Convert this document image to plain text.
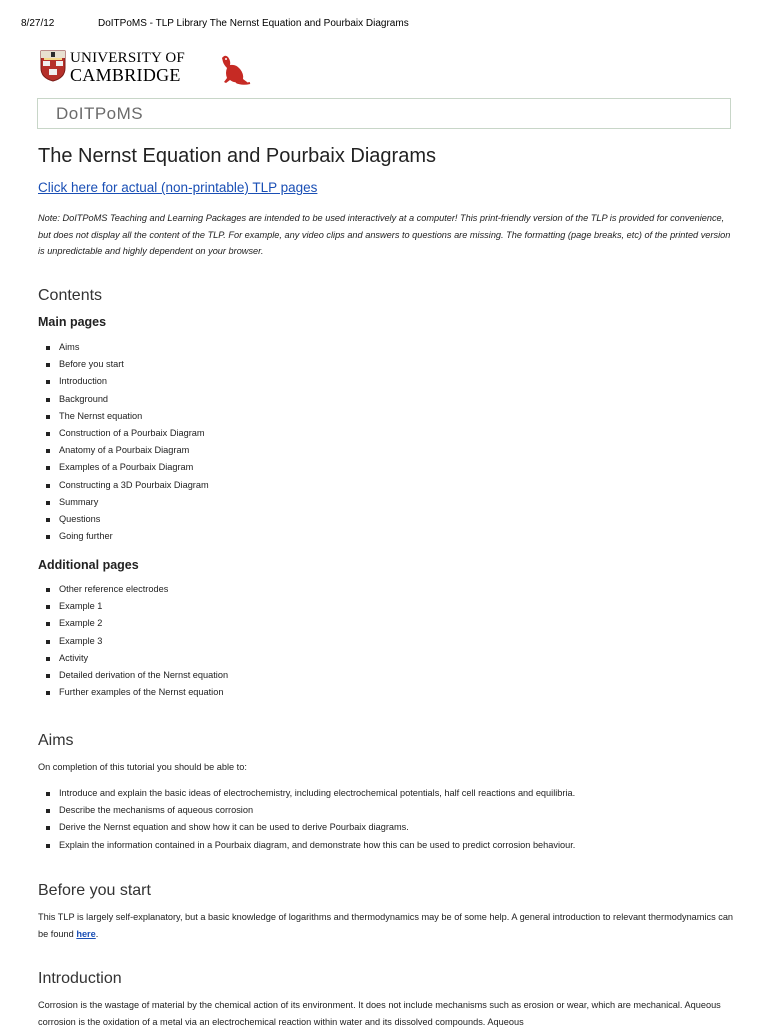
8/27/12	DoITPoMS - TLP Library The Nernst Equation and Pourbaix Diagrams
UNIVERSITY OF
CAMBRIDGE
DoITPoMS
The Nernst Equation and Pourbaix Diagrams
Click here for actual (non-printable) TLP pages

Note: DoITPoMS Teaching and Learning Packages are intended to be used interactively at a computer! This print-friendly version of the TLP is provided for convenience, but does not display all the content of the TLP. For example, any video clips and answers to questions are missing. The formatting (page breaks, etc) of the printed version is unpredictable and highly dependent on your browser.

Contents
Main pages
Aims
Before you start
Introduction
Background
The Nernst equation
Construction of a Pourbaix Diagram
Anatomy of a Pourbaix Diagram
Examples of a Pourbaix Diagram
Constructing a 3D Pourbaix Diagram
Summary
Questions
Going further
Additional pages
Other reference electrodes
Example 1
Example 2
Example 3
Activity
Detailed derivation of the Nernst equation
Further examples of the Nernst equation
Aims

On completion of this tutorial you should be able to:

Introduce and explain the basic ideas of electrochemistry, including electrochemical potentials, half cell reactions and equilibria.
Describe the mechanisms of aqueous corrosion
Derive the Nernst equation and show how it can be used to derive Pourbaix diagrams.
Explain the information contained in a Pourbaix diagram, and demonstrate how this can be used to predict corrosion behaviour.
Before you start

This TLP is largely self-explanatory, but a basic knowledge of logarithms and thermodynamics may be of some help. A general introduction to relevant thermodynamics can be found here.

Introduction

Corrosion is the wastage of material by the chemical action of its environment. It does not include mechanisms such as erosion or wear, which are mechanical. Aqueous corrosion is the oxidation of a metal via an electrochemical reaction within water and its dissolved compounds. Aqueous
